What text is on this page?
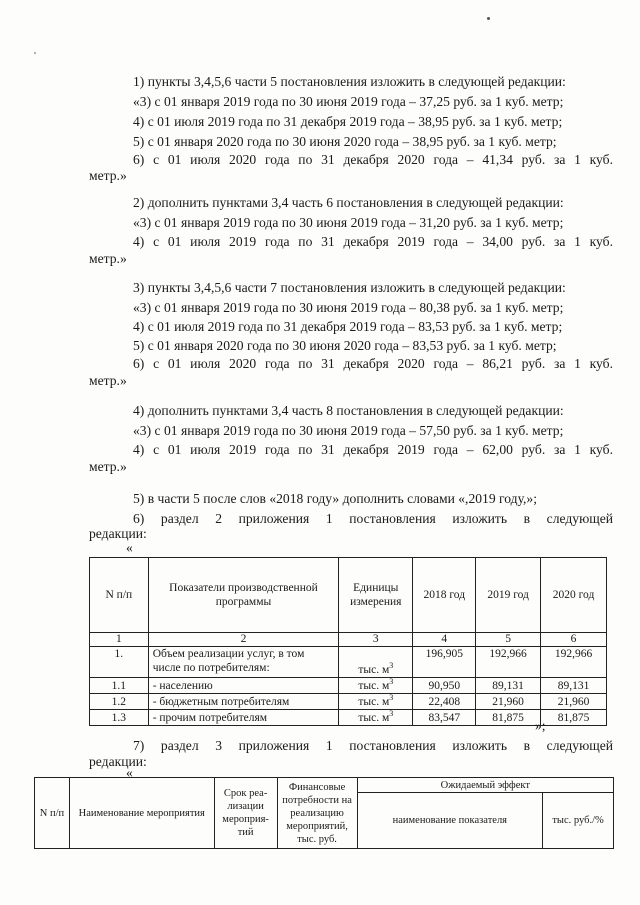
1) пункты 3,4,5,6 части 5 постановления изложить в следующей редакции:
«3) с 01 января 2019 года по 30 июня 2019 года – 37,25 руб. за 1 куб. метр;
4) с 01 июля 2019 года по 31 декабря 2019 года – 38,95 руб. за 1 куб. метр;
5) с 01 января 2020 года по 30 июня 2020 года – 38,95 руб. за 1 куб. метр;
6) с 01 июля 2020 года по 31 декабря 2020 года – 41,34 руб. за 1 куб.
метр.»
2) дополнить пунктами 3,4 часть 6 постановления в следующей редакции:
«3) с 01 января 2019 года по 30 июня 2019 года – 31,20 руб. за 1 куб. метр;
4) с 01 июля 2019 года по 31 декабря 2019 года – 34,00 руб. за 1 куб.
метр.»
3) пункты 3,4,5,6 части 7 постановления изложить в следующей редакции:
«3) с 01 января 2019 года по 30 июня 2019 года – 80,38 руб. за 1 куб. метр;
4) с 01 июля 2019 года по 31 декабря 2019 года – 83,53 руб. за 1 куб. метр;
5) с 01 января 2020 года по 30 июня 2020 года – 83,53 руб. за 1 куб. метр;
6) с 01 июля 2020 года по 31 декабря 2020 года – 86,21 руб. за 1 куб.
метр.»
4) дополнить пунктами 3,4 часть 8 постановления в следующей редакции:
«3) с 01 января 2019 года по 30 июня 2019 года – 57,50 руб. за 1 куб. метр;
4) с 01 июля 2019 года по 31 декабря 2019 года – 62,00 руб. за 1 куб.
метр.»
5) в части 5 после слов «2018 году» дополнить словами «,2019 году,»;
6) раздел 2 приложения 1 постановления изложить в следующей
редакции:
«
N п/п	Показатели производственной программы	Единицы измерения	2018 год	2019 год	2020 год
1	2	3	4	5	6
1.	Объем реализации услуг, в том числе по потребителям:	тыс. $м^3$	196,905	192,966	192,966
1.1	- населению	тыс. $м^3$	90,950	89,131	89,131
1.2	- бюджетным потребителям	тыс. $м^3$	22,408	21,960	21,960
1.3	- прочим потребителям	тыс. $м^3$	83,547	81,875	81,875
»;
7) раздел 3 приложения 1 постановления изложить в следующей
редакции:
«
N п/п	Наименование мероприятия	Срок реа-лизации мероприя-тий	Финансовые потребности на реализацию мероприятий, тыс. руб.	Ожидаемый эффект	
				наименование показателя	тыс. руб./%
